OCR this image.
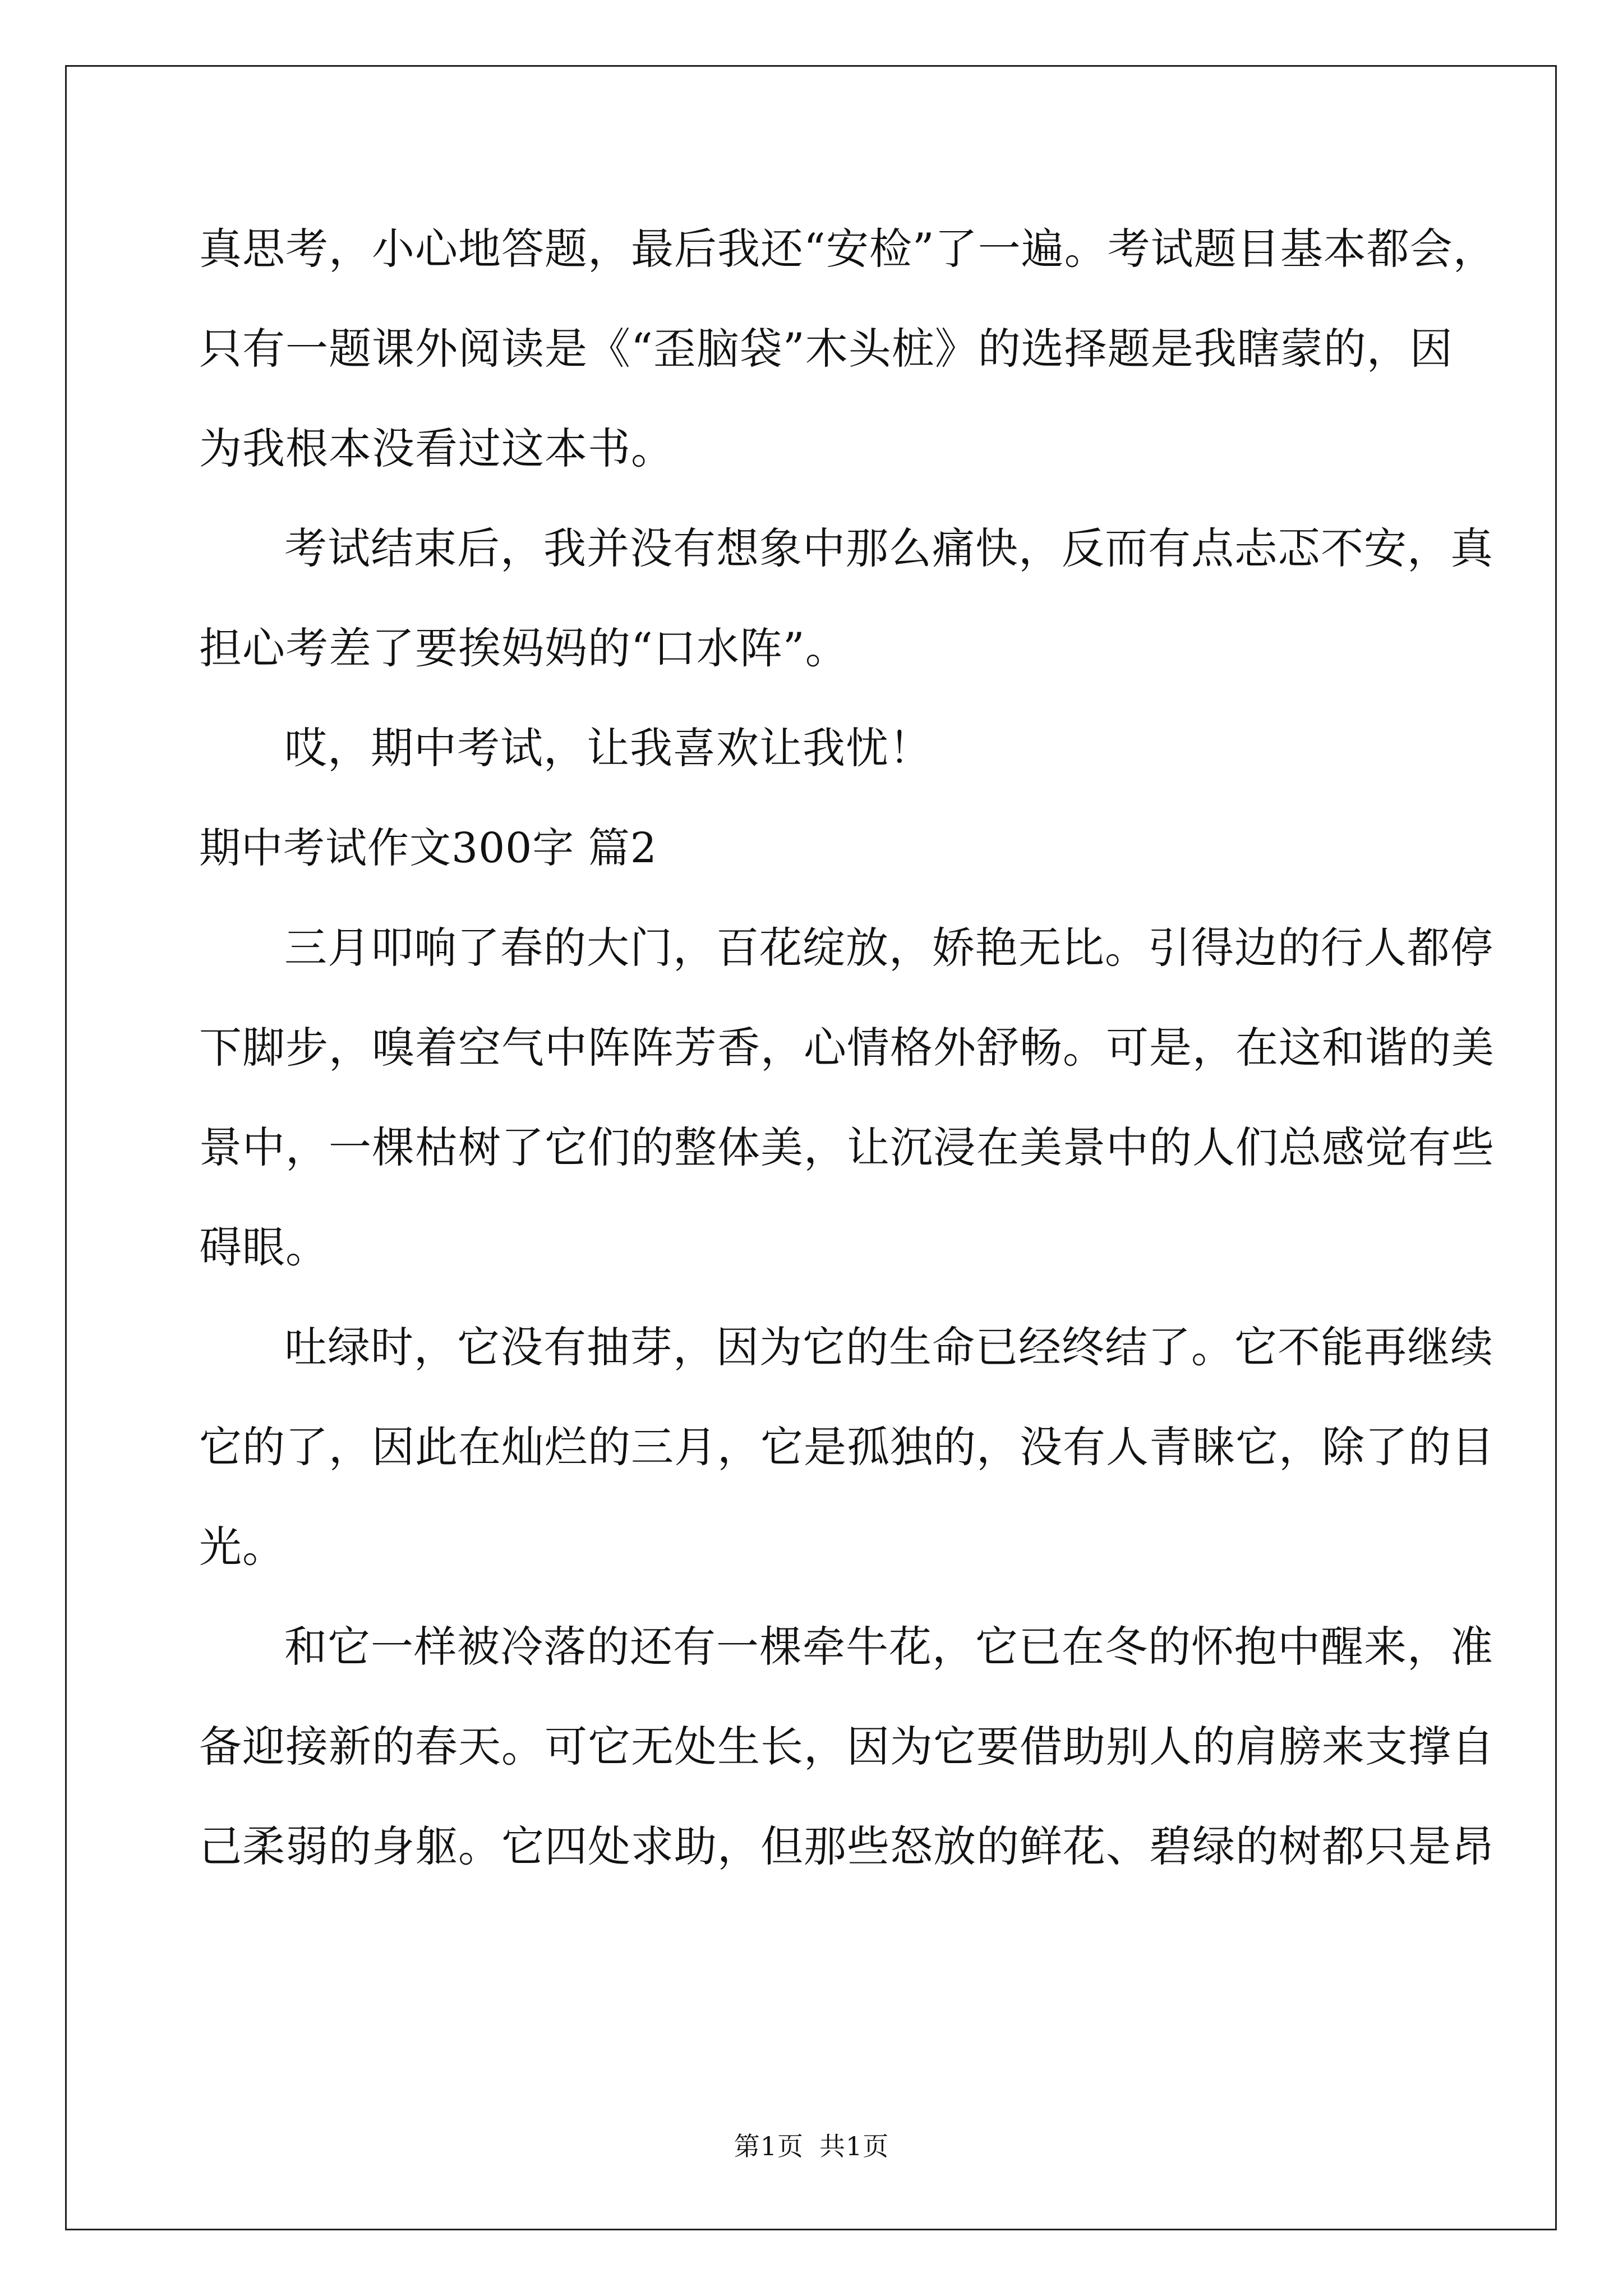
真思考，小心地答题，最后我还“安检”了一遍。考试题目基本都会，
只有一题课外阅读是《“歪脑袋”木头桩》的选择题是我瞎蒙的，因
为我根本没看过这本书。
考试结束后，我并没有想象中那么痛快，反而有点忐忑不安，真
担心考差了要挨妈妈的“口水阵”。
哎，期中考试，让我喜欢让我忧！
期中考试作文300字 篇2
三月叩响了春的大门，百花绽放，娇艳无比。引得边的行人都停
下脚步，嗅着空气中阵阵芳香，心情格外舒畅。可是，在这和谐的美
景中，一棵枯树了它们的整体美，让沉浸在美景中的人们总感觉有些
碍眼。
吐绿时，它没有抽芽，因为它的生命已经终结了。它不能再继续
它的了，因此在灿烂的三月，它是孤独的，没有人青睐它，除了的目
光。
和它一样被冷落的还有一棵牵牛花，它已在冬的怀抱中醒来，准
备迎接新的春天。可它无处生长，因为它要借助别人的肩膀来支撑自
己柔弱的身躯。它四处求助，但那些怒放的鲜花、碧绿的树都只是昂
第1页 共1页
